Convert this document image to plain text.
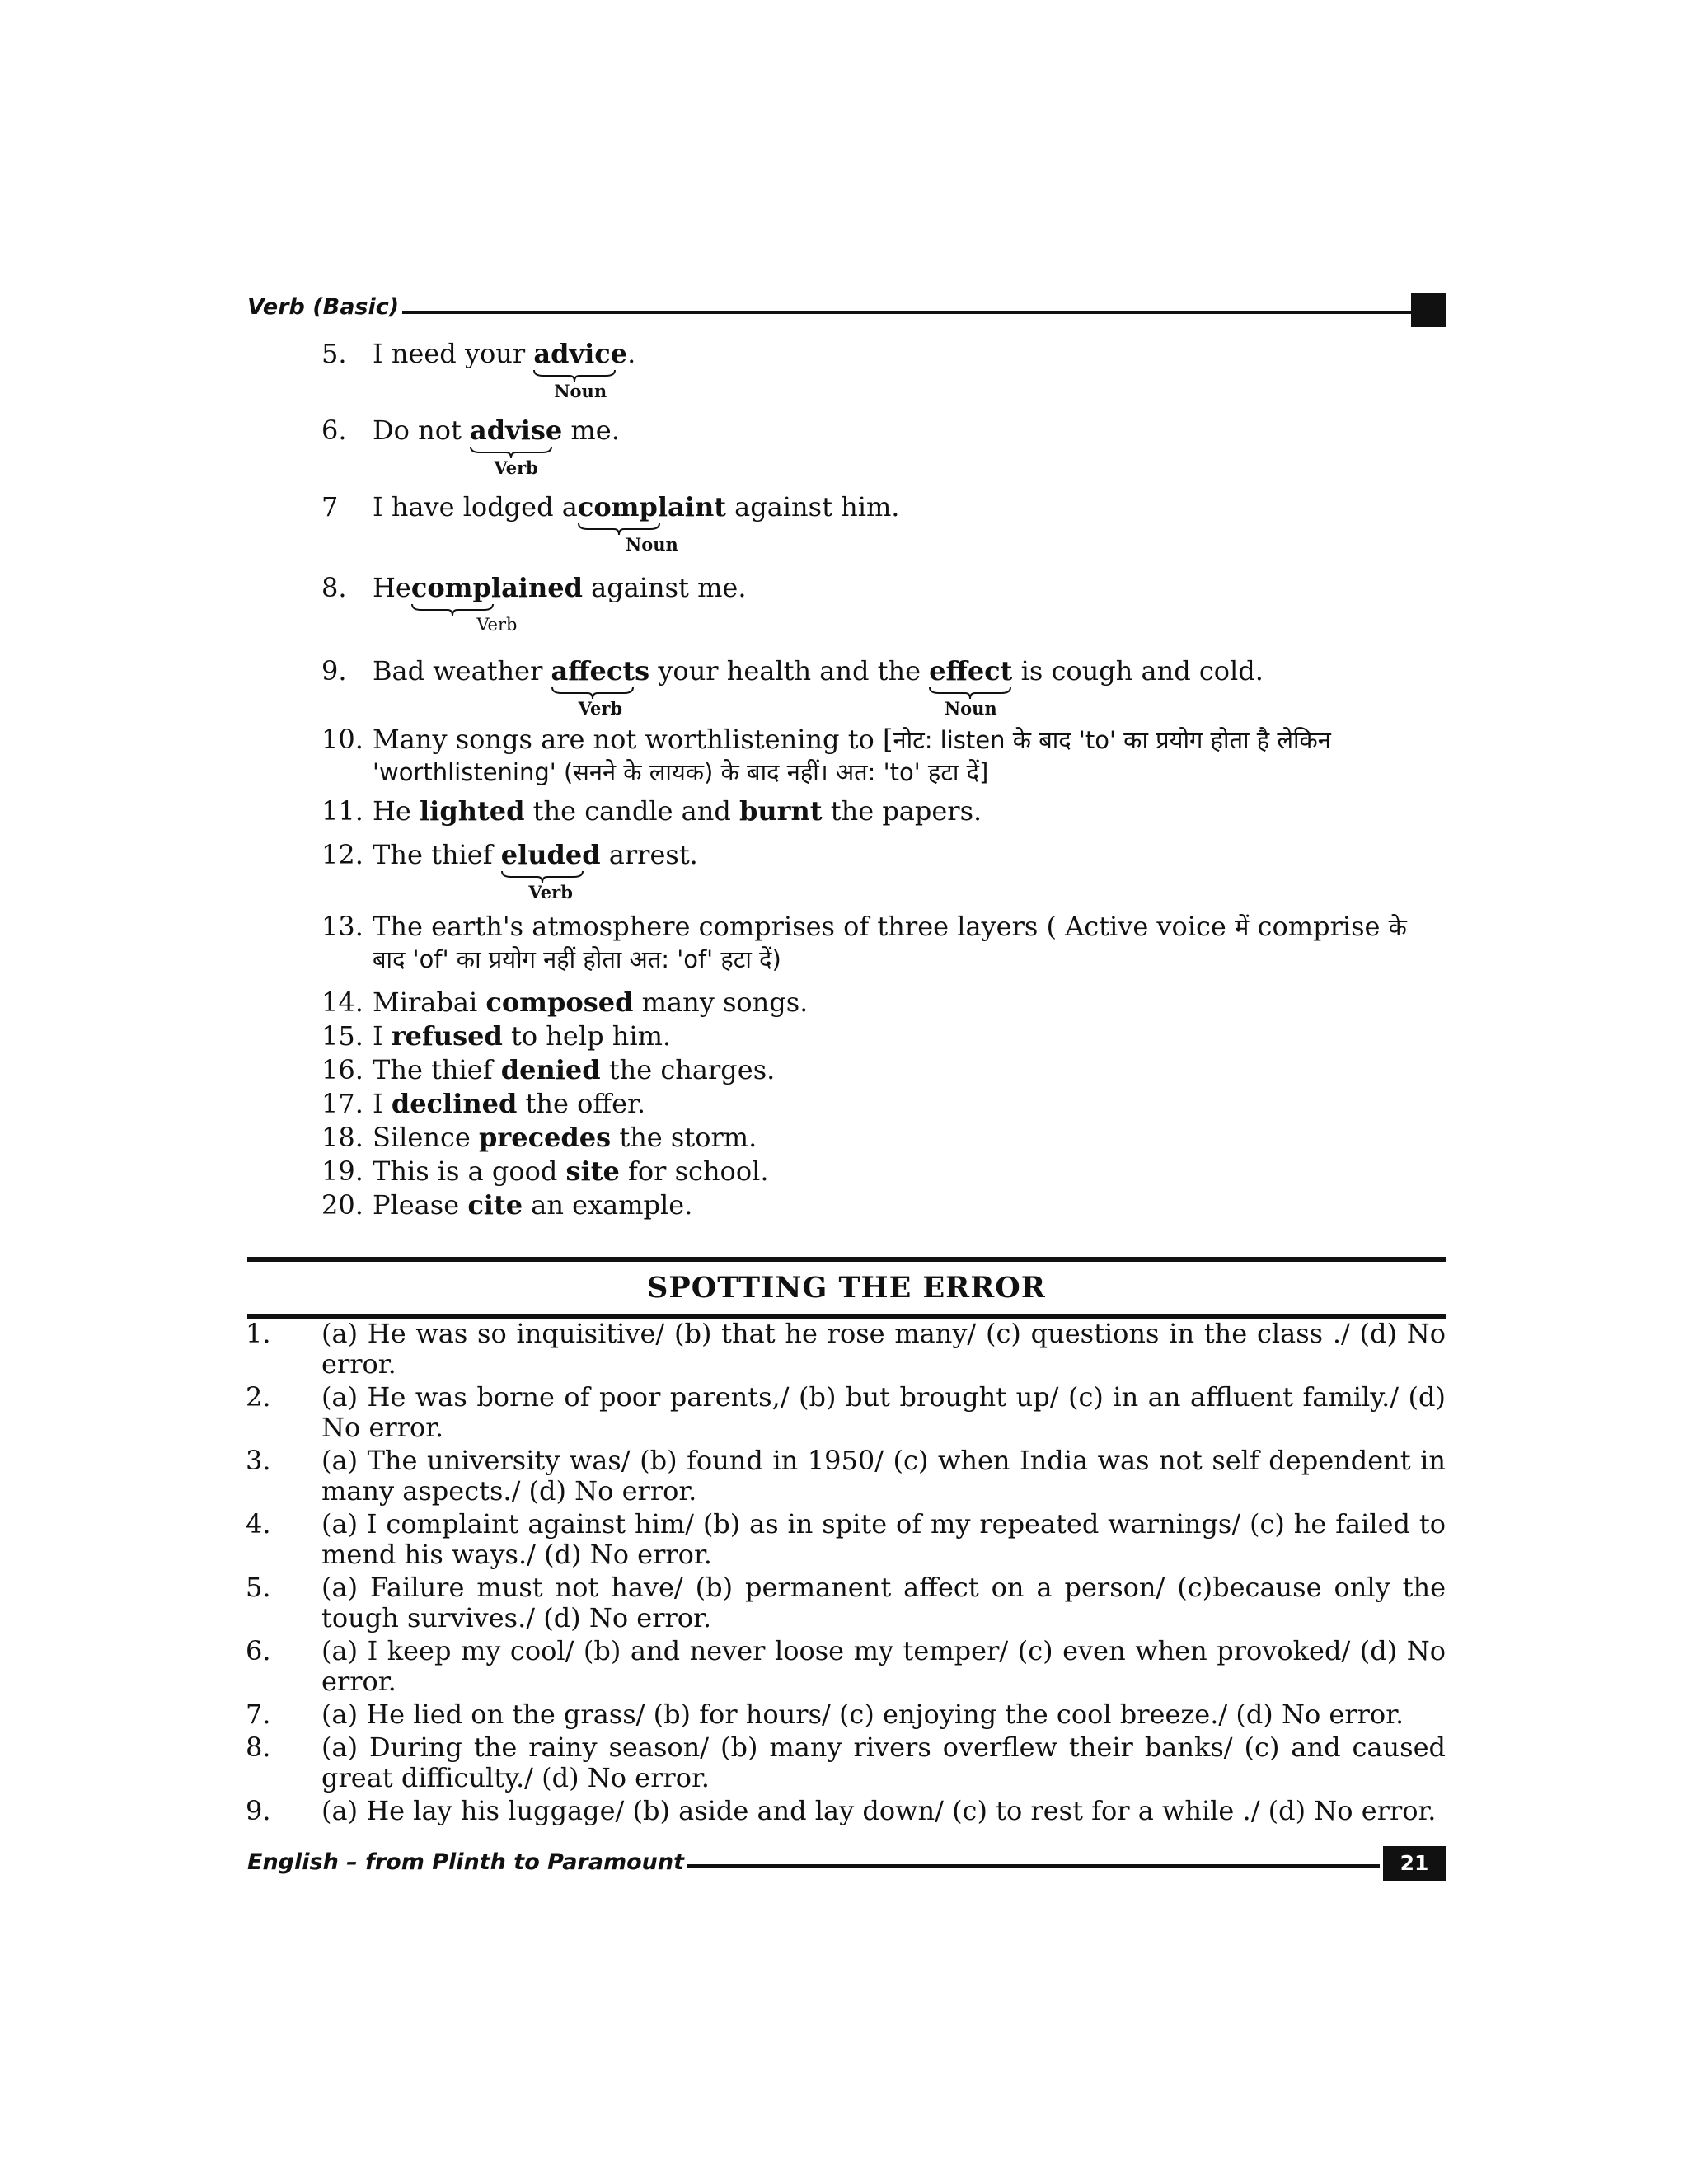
Verb (Basic)
5. I need your advice
Noun
.
6. Do not advise
Verb
me.
7 I have lodged acomplaint
Noun
against him.
8. Hecomplained
Verb
against me.
9. Bad weather affects
Verb
your health and the effect
Noun
is cough and cold.
10. Many songs are not worthlistening to [नोट: listen के बाद 'to' का प्रयोग होता है लेकिन
'worthlistening' (सनने के लायक) के बाद नहीं। अत: 'to' हटा दें]
11. He lighted the candle and burnt the papers.
12. The thief eluded
Verb
arrest.
13. The earth's atmosphere comprises of three layers ( Active voice में comprise के
बाद 'of' का प्रयोग नहीं होता अत: 'of' हटा दें)
14. Mirabai composed many songs.
15. I refused to help him.
16. The thief denied the charges.
17. I declined the offer.
18. Silence precedes the storm.
19. This is a good site for school.
20. Please cite an example.
SPOTTING THE ERROR
1. (a) He was so inquisitive/ (b) that he rose many/ (c) questions in the class ./ (d) No error.
2. (a) He was borne of poor parents,/ (b) but brought up/ (c) in an affluent family./ (d) No error.
3. (a) The university was/ (b) found in 1950/ (c) when India was not self dependent in many aspects./ (d) No error.
4. (a) I complaint against him/ (b) as in spite of my repeated warnings/ (c) he failed to mend his ways./ (d) No error.
5. (a) Failure must not have/ (b) permanent affect on a person/ (c)because only the tough survives./ (d) No error.
6. (a) I keep my cool/ (b) and never loose my temper/ (c) even when provoked/ (d) No error.
7. (a) He lied on the grass/ (b) for hours/ (c) enjoying the cool breeze./ (d) No error.
8. (a) During the rainy season/ (b) many rivers overflew their banks/ (c) and caused great difficulty./ (d) No error.
9. (a) He lay his luggage/ (b) aside and lay down/ (c) to rest for a while ./ (d) No error.
English – from Plinth to Paramount	21
